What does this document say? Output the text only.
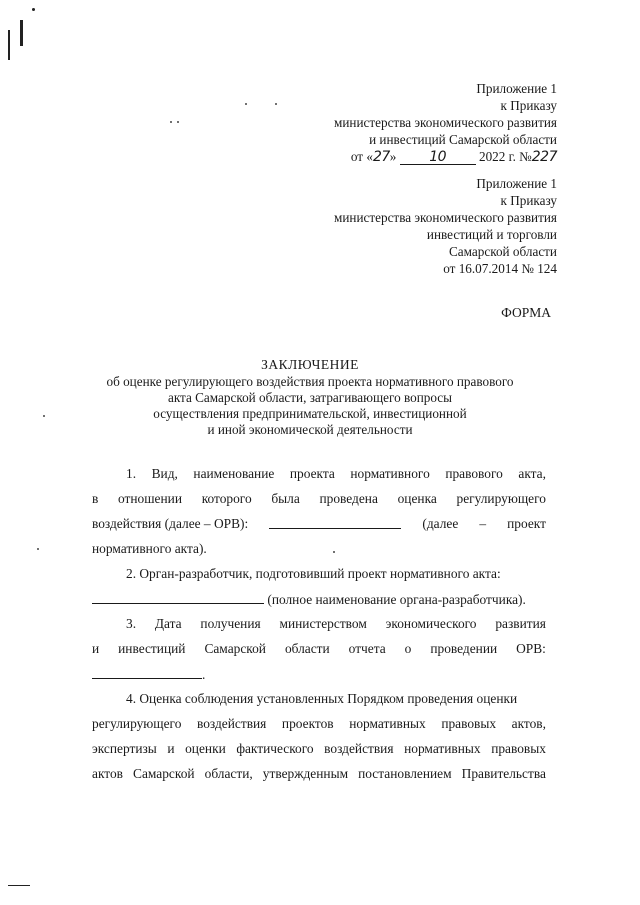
Приложение 1
к Приказу
министерства экономического развития
и инвестиций Самарской области
от «27» 10 2022 г. №227
Приложение 1
к Приказу
министерства экономического развития
инвестиций и торговли
Самарской области
от 16.07.2014 № 124
ФОРМА
ЗАКЛЮЧЕНИЕ
об оценке регулирующего воздействия проекта нормативного правового
акта Самарской области, затрагивающего вопросы
осуществления предпринимательской, инвестиционной
и иной экономической деятельности
1. Вид, наименование проекта нормативного правового акта,
в отношении которого была проведена оценка регулирующего
воздействия (далее – ОРВ):	(далее – проект
нормативного акта).
2. Орган-разработчик, подготовивший проект нормативного акта:
(полное наименование органа-разработчика).
3. Дата получения министерством экономического развития
и инвестиций Самарской области отчета о проведении ОРВ:
.
4. Оценка соблюдения установленных Порядком проведения оценки
регулирующего воздействия проектов нормативных правовых актов,
экспертизы и оценки фактического воздействия нормативных правовых
актов Самарской области, утвержденным постановлением Правительства
